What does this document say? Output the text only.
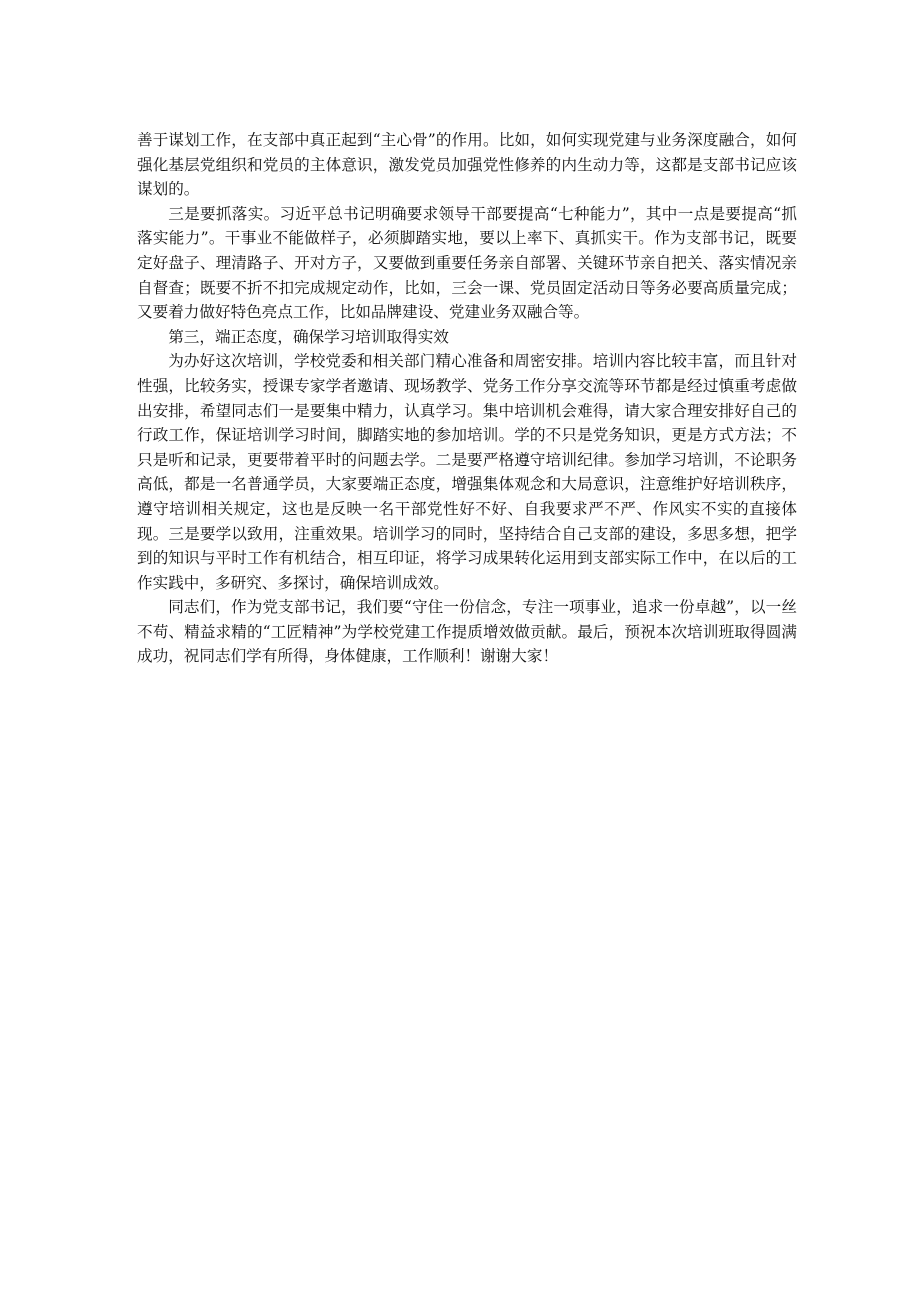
善于谋划工作，在支部中真正起到“主心骨”的作用。比如，如何实现党建与业务深度融合，如何强化基层党组织和党员的主体意识，激发党员加强党性修养的内生动力等，这都是支部书记应该谋划的。

三是要抓落实。习近平总书记明确要求领导干部要提高“七种能力”，其中一点是要提高“抓落实能力”。干事业不能做样子，必须脚踏实地，要以上率下、真抓实干。作为支部书记，既要定好盘子、理清路子、开对方子，又要做到重要任务亲自部署、关键环节亲自把关、落实情况亲自督查；既要不折不扣完成规定动作，比如，三会一课、党员固定活动日等务必要高质量完成；又要着力做好特色亮点工作，比如品牌建设、党建业务双融合等。

第三，端正态度，确保学习培训取得实效

为办好这次培训，学校党委和相关部门精心准备和周密安排。培训内容比较丰富，而且针对性强，比较务实，授课专家学者邀请、现场教学、党务工作分享交流等环节都是经过慎重考虑做出安排，希望同志们一是要集中精力，认真学习。集中培训机会难得，请大家合理安排好自己的行政工作，保证培训学习时间，脚踏实地的参加培训。学的不只是党务知识，更是方式方法；不只是听和记录，更要带着平时的问题去学。二是要严格遵守培训纪律。参加学习培训，不论职务高低，都是一名普通学员，大家要端正态度，增强集体观念和大局意识，注意维护好培训秩序，遵守培训相关规定，这也是反映一名干部党性好不好、自我要求严不严、作风实不实的直接体现。三是要学以致用，注重效果。培训学习的同时，坚持结合自己支部的建设，多思多想，把学到的知识与平时工作有机结合，相互印证，将学习成果转化运用到支部实际工作中，在以后的工作实践中，多研究、多探讨，确保培训成效。

同志们，作为党支部书记，我们要“守住一份信念，专注一项事业，追求一份卓越”，以一丝不苟、精益求精的“工匠精神”为学校党建工作提质增效做贡献。最后，预祝本次培训班取得圆满成功，祝同志们学有所得，身体健康，工作顺利！谢谢大家！
